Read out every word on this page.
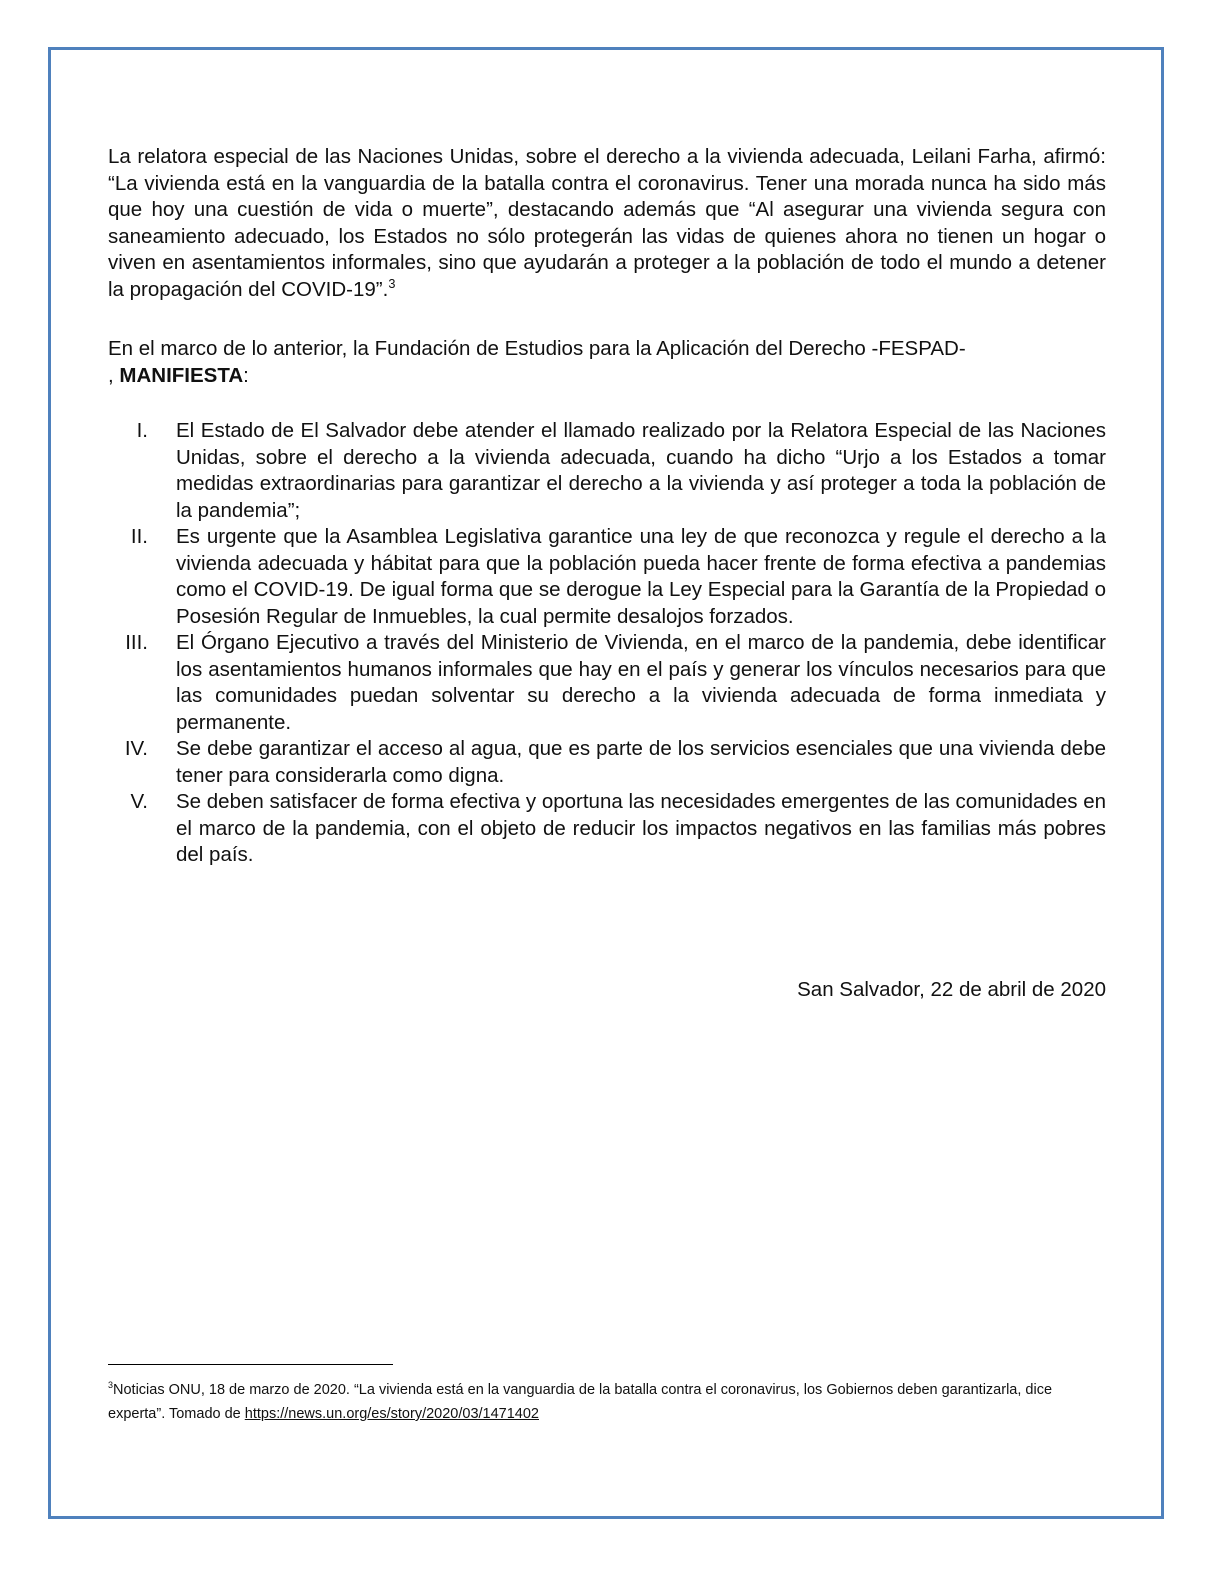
La relatora especial de las Naciones Unidas, sobre el derecho a la vivienda adecuada, Leilani Farha, afirmó: “La vivienda está en la vanguardia de la batalla contra el coronavirus. Tener una morada nunca ha sido más que hoy una cuestión de vida o muerte”, destacando además que “Al asegurar una vivienda segura con saneamiento adecuado, los Estados no sólo protegerán las vidas de quienes ahora no tienen un hogar o viven en asentamientos informales, sino que ayudarán a proteger a la población de todo el mundo a detener la propagación del COVID-19”.$^3$

En el marco de lo anterior, la Fundación de Estudios para la Aplicación del Derecho -FESPAD-
, MANIFIESTA:

I. El Estado de El Salvador debe atender el llamado realizado por la Relatora Especial de las Naciones Unidas, sobre el derecho a la vivienda adecuada, cuando ha dicho “Urjo a los Estados a tomar medidas extraordinarias para garantizar el derecho a la vivienda y así proteger a toda la población de la pandemia”;
II. Es urgente que la Asamblea Legislativa garantice una ley de que reconozca y regule el derecho a la vivienda adecuada y hábitat para que la población pueda hacer frente de forma efectiva a pandemias como el COVID-19. De igual forma que se derogue la Ley Especial para la Garantía de la Propiedad o Posesión Regular de Inmuebles, la cual permite desalojos forzados.
III. El Órgano Ejecutivo a través del Ministerio de Vivienda, en el marco de la pandemia, debe identificar los asentamientos humanos informales que hay en el país y generar los vínculos necesarios para que las comunidades puedan solventar su derecho a la vivienda adecuada de forma inmediata y permanente.
IV. Se debe garantizar el acceso al agua, que es parte de los servicios esenciales que una vivienda debe tener para considerarla como digna.
V. Se deben satisfacer de forma efectiva y oportuna las necesidades emergentes de las comunidades en el marco de la pandemia, con el objeto de reducir los impactos negativos en las familias más pobres del país.

San Salvador, 22 de abril de 2020

$^3$Noticias ONU, 18 de marzo de 2020. “La vivienda está en la vanguardia de la batalla contra el coronavirus, los Gobiernos deben garantizarla, dice experta”. Tomado de https://news.un.org/es/story/2020/03/1471402
